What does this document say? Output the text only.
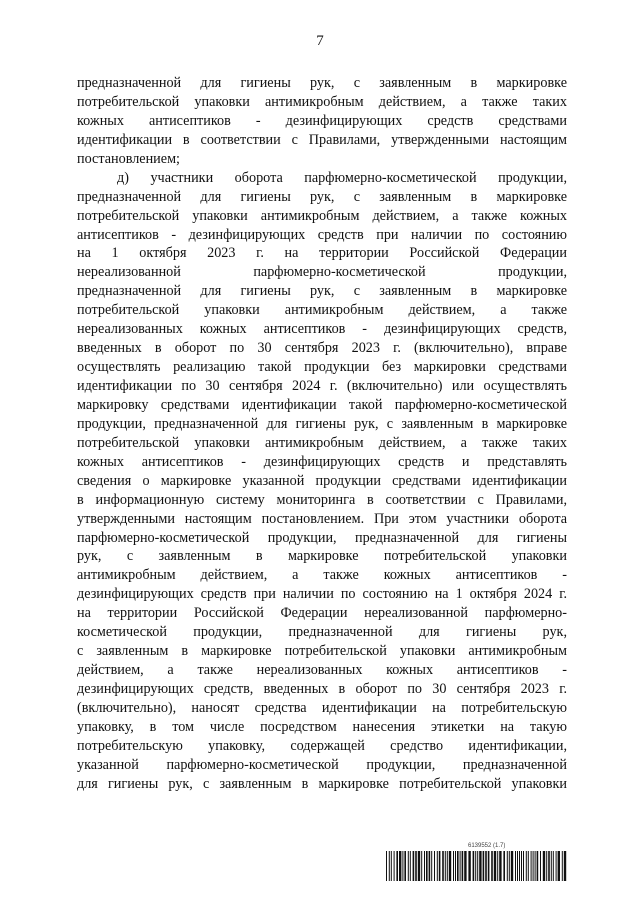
7
предназначенной для гигиены рук, с заявленным в маркировке
потребительской упаковки антимикробным действием, а также таких
кожных антисептиков - дезинфицирующих средств средствами
идентификации в соответствии с Правилами, утвержденными настоящим
постановлением;
д) участники оборота парфюмерно-косметической продукции,
предназначенной для гигиены рук, с заявленным в маркировке
потребительской упаковки антимикробным действием, а также кожных
антисептиков - дезинфицирующих средств при наличии по состоянию
на 1 октября 2023 г. на территории Российской Федерации
нереализованной парфюмерно-косметической продукции,
предназначенной для гигиены рук, с заявленным в маркировке
потребительской упаковки антимикробным действием, а также
нереализованных кожных антисептиков - дезинфицирующих средств,
введенных в оборот по 30 сентября 2023 г. (включительно), вправе
осуществлять реализацию такой продукции без маркировки средствами
идентификации по 30 сентября 2024 г. (включительно) или осуществлять
маркировку средствами идентификации такой парфюмерно-косметической
продукции, предназначенной для гигиены рук, с заявленным в маркировке
потребительской упаковки антимикробным действием, а также таких
кожных антисептиков - дезинфицирующих средств и представлять
сведения о маркировке указанной продукции средствами идентификации
в информационную систему мониторинга в соответствии с Правилами,
утвержденными настоящим постановлением. При этом участники оборота
парфюмерно-косметической продукции, предназначенной для гигиены
рук, с заявленным в маркировке потребительской упаковки
антимикробным действием, а также кожных антисептиков -
дезинфицирующих средств при наличии по состоянию на 1 октября 2024 г.
на территории Российской Федерации нереализованной парфюмерно-
косметической продукции, предназначенной для гигиены рук,
с заявленным в маркировке потребительской упаковки антимикробным
действием, а также нереализованных кожных антисептиков -
дезинфицирующих средств, введенных в оборот по 30 сентября 2023 г.
(включительно), наносят средства идентификации на потребительскую
упаковку, в том числе посредством нанесения этикетки на такую
потребительскую упаковку, содержащей средство идентификации,
указанной парфюмерно-косметической продукции, предназначенной
для гигиены рук, с заявленным в маркировке потребительской упаковки
6139552 (1.7)
